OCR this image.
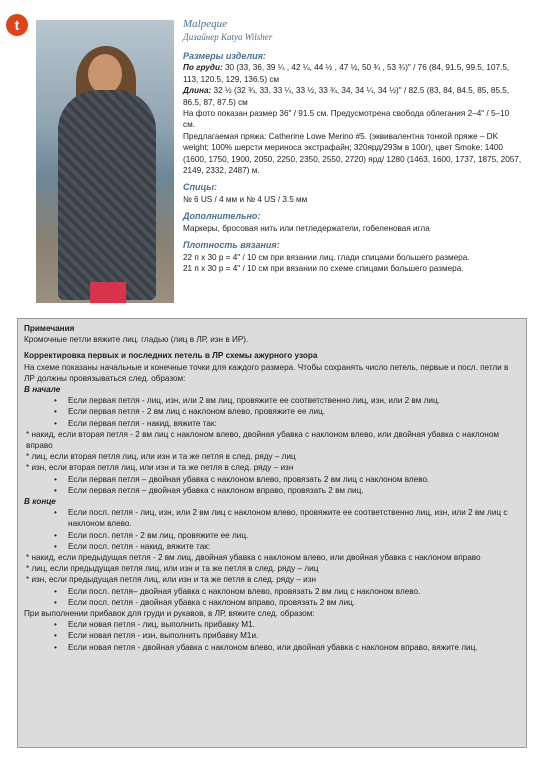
t	Malpeque
Дизайнер Katya Wilsher
Размеры изделия:

По груди: 30 (33, 36, 39 ¼ , 42 ¼, 44 ½ , 47 ½, 50 ¾ , 53 ¾)" / 76 (84, 91.5, 99.5, 107.5, 113, 120.5, 129, 136.5) см

Длина: 32 ½ (32 ¾, 33, 33 ¼, 33 ½, 33 ¾, 34, 34 ¼, 34 ½)" / 82.5 (83, 84, 84.5, 85, 85.5, 86.5, 87, 87.5) см

На фото показан размер 36" / 91.5 см. Предусмотрена свобода облегания 2–4" / 5–10 см.

Предлагаемая пряжа: Catherine Lowe Merino #5. (эквивалентна тонкой пряже – DK weight; 100% шерсти мериноса экстрафайн; 320ярд/293м в 100г), цвет Smoke: 1400 (1600, 1750, 1900, 2050, 2250, 2350, 2550, 2720) ярд/ 1280 (1463, 1600, 1737, 1875, 2057, 2149, 2332, 2487) м.

Спицы:

№ 6 US / 4 мм и № 4 US / 3.5 мм

Дополнительно:

Маркеры, бросовая нить или петледержатели, гобеленовая игла

Плотность вязания:

22 п х 30 р = 4" / 10 см при вязании лиц. глади спицами большего размера.

21 п х 30 р = 4" / 10 см при вязании по схеме спицами большего размера.

Примечания

Кромочные петли вяжите лиц. гладью (лиц в ЛР, изн в ИР).

Корректировка первых и последних петель в ЛР схемы ажурного узора

На схеме показаны начальные и конечные точки для каждого размера. Чтобы сохранять число петель, первые и посл. петли в ЛР должны провязываться след. образом:

В начале
• Если первая петля - лиц, изн, или 2 вм лиц, провяжите ее соответственно лиц, изн, или 2 вм лиц.
• Если первая петля - 2 вм лиц с наклоном влево, провяжите ее лиц.
• Если первая петля - накид, вяжите так:
* накид, если вторая петля - 2 вм лиц с наклоном влево, двойная убавка с наклоном влево, или двойная убавка с наклоном вправо
* лиц, если вторая петля лиц, или изн и та же петля в след. ряду – лиц
* изн, если вторая петля лиц, или изн и та же петля в след. ряду – изн
• Если первая петля – двойная убавка с наклоном влево, провязать 2 вм лиц с наклоном влево.
• Если первая петля – двойная убавка с наклоном вправо, провязать 2 вм лиц.
В конце
• Если посл. петля - лиц, изн, или 2 вм лиц с наклоном влево, провяжите ее соответственно лиц, изн, или 2 вм лиц с наклоном влево.
• Если посл. петля - 2 вм лиц, провяжите ее лиц.
• Если посл. петля - накид, вяжите так:
* накид, если предыдущая петля - 2 вм лиц, двойная убавка с наклоном влево, или двойная убавка с наклоном вправо
* лиц, если предыдущая петля лиц, или изн и та же петля в след. ряду – лиц
* изн, если предыдущая петля лиц, или изн и та же петля в след. ряду – изн
• Если посл. петля– двойная убавка с наклоном влево, провязать 2 вм лиц с наклоном влево.
• Если посл. петля - двойная убавка с наклоном вправо, провязать 2 вм лиц.

При выполнении прибавок для груди и рукавов, в ЛР, вяжите след. образом:

• Если новая петля - лиц, выполнить прибавку М1.
• Если новая петля - изн, выполнить прибавку М1и.
• Если новая петля - двойная убавка с наклоном влево, или двойная убавка с наклоном вправо, вяжите лиц.
